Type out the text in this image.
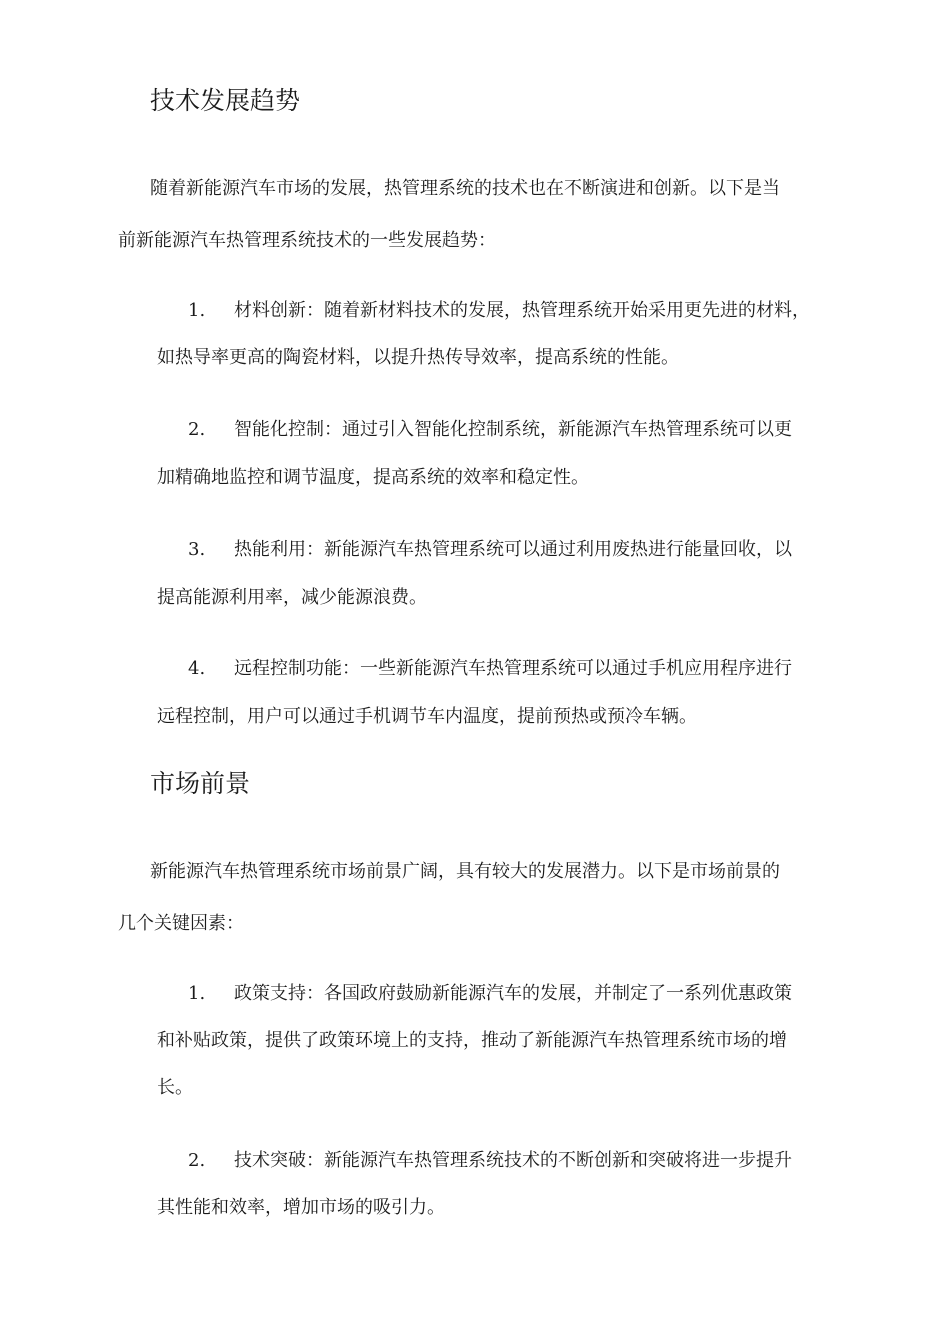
技术发展趋势

随着新能源汽车市场的发展，热管理系统的技术也在不断演进和创新。以下是当

前新能源汽车热管理系统技术的一些发展趋势：

1. 材料创新：随着新材料技术的发展，热管理系统开始采用更先进的材料，

如热导率更高的陶瓷材料，以提升热传导效率，提高系统的性能。

2. 智能化控制：通过引入智能化控制系统，新能源汽车热管理系统可以更

加精确地监控和调节温度，提高系统的效率和稳定性。

3. 热能利用：新能源汽车热管理系统可以通过利用废热进行能量回收，以

提高能源利用率，减少能源浪费。

4. 远程控制功能：一些新能源汽车热管理系统可以通过手机应用程序进行

远程控制，用户可以通过手机调节车内温度，提前预热或预冷车辆。

市场前景

新能源汽车热管理系统市场前景广阔，具有较大的发展潜力。以下是市场前景的

几个关键因素：

1. 政策支持：各国政府鼓励新能源汽车的发展，并制定了一系列优惠政策

和补贴政策，提供了政策环境上的支持，推动了新能源汽车热管理系统市场的增

长。

2. 技术突破：新能源汽车热管理系统技术的不断创新和突破将进一步提升

其性能和效率，增加市场的吸引力。
